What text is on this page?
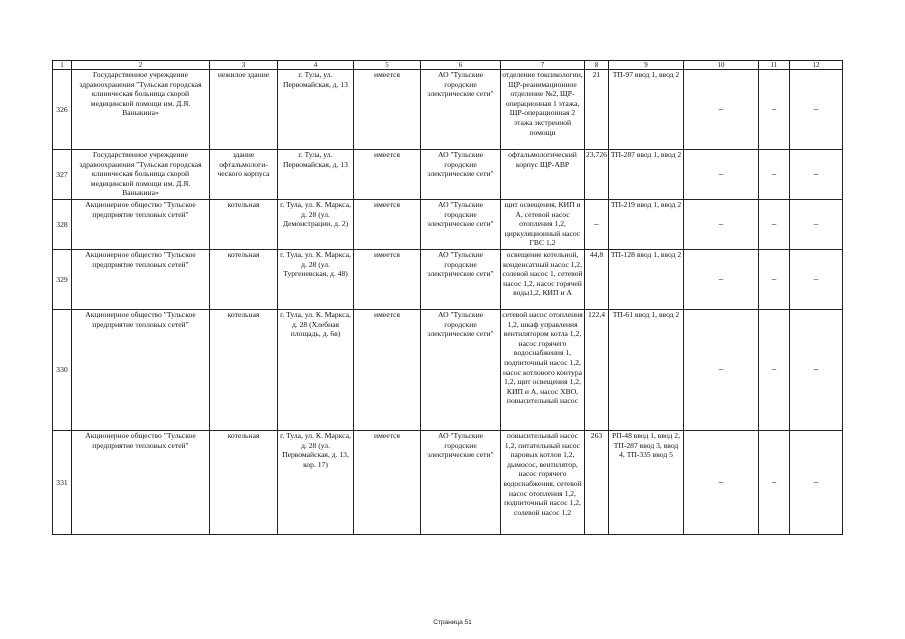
1	2	3	4	5	6	7	8	9	10	11	12
326	Государственное учреждение здравоохранения "Тульская городская клиническая больница скорой медицинской помощи им. Д.Я. Ваныкина»	нежилое здание	г. Тула, ул. Первомайская, д. 13	имеется	АО "Тульские городские электрические сети"	отделение токсикологии, ЩР-реанимационное отделение №2, ЩР-операционная 1 этажа, ЩР-операционная 2 этажа экстренной помощи	21	ТП-97 ввод 1, ввод 2	–	–	–
327	Государственное учреждение здравоохранения "Тульская городская клиническая больница скорой медицинской помощи им. Д.Я. Ваныкина»	здание офтальмологи-ческого корпуса	г. Тула, ул. Первомайская, д. 13	имеется	АО "Тульские городские электрические сети"	офтальмологический корпус ЩР-АВР	23,726	ТП-287 ввод 1, ввод 2	–	–	–
328	Акционерное общество "Тульское предприятие тепловых сетей"	котельная	г. Тула, ул. К. Маркса, д. 28 (ул. Демонстрации, д. 2)	имеется	АО "Тульские городские электрические сети"	щит освещения, КИП и А, сетевой насос отопления 1,2, циркуляционный насос ГВС 1,2	–	ТП-219 ввод 1, ввод 2	–	–	–
329	Акционерное общество "Тульское предприятие тепловых сетей"	котельная	г. Тула, ул. К. Маркса, д. 28 (ул. Тургеневская, д. 48)	имеется	АО "Тульские городские электрические сети"	освещение котельной, конденсатный насос 1,2, солевой насос 1, сетевой насос 1,2, насос горячей воды1,2, КИП и А	44,8	ТП-128 ввод 1, ввод 2	–	–	–
330	Акционерное общество "Тульское предприятие тепловых сетей"	котельная	г. Тула, ул. К. Маркса, д. 28 (Хлебная площадь, д. 6в)	имеется	АО "Тульские городские электрические сети"	сетевой насос отопления 1,2, шкаф управления вентилятором котла 1,2, насос горячего водоснабжения 1, подпиточный насос 1,2, насос котлового контура 1,2, щит освещения 1,2, КИП и А, насос ХВО, повысительный насос	122,4	ТП-61 ввод 1, ввод 2	–	–	–
331	Акционерное общество "Тульское предприятие тепловых сетей"	котельная	г. Тула, ул. К. Маркса, д. 28 (ул. Первомайская, д. 13, кор. 17)	имеется	АО "Тульские городские электрические сети"	повысительный насос 1,2, питательный насос паровых котлов 1,2, дымосос, вентилятор, насос горячего водоснабжения, сетевой насос отопления 1,2, подпиточный насос 1,2, солевой насос 1,2	263	РП-48 ввод 1, ввод 2, ТП-287 ввод 3, ввод 4, ТП-335 ввод 5	–	–	–
Страница 51
